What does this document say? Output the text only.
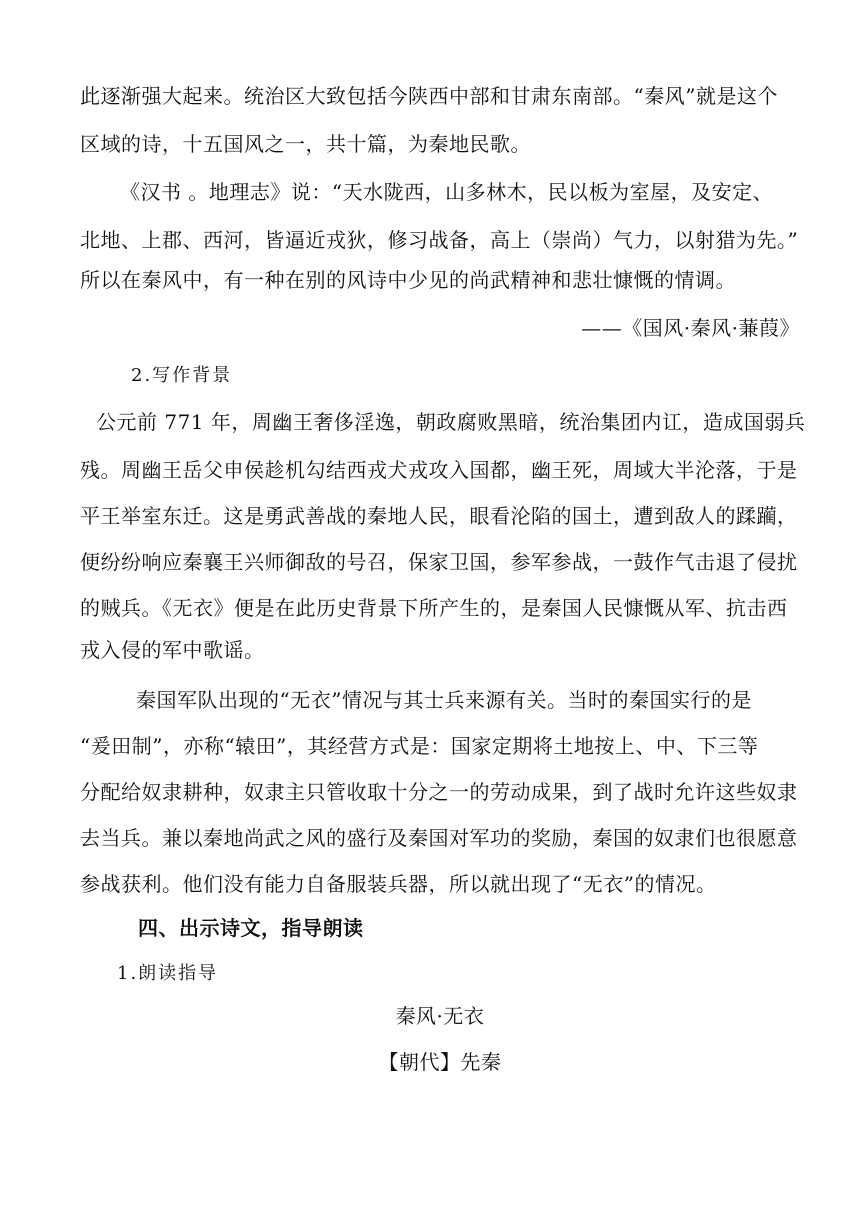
此逐渐强大起来。统治区大致包括今陕西中部和甘肃东南部。“秦风”就是这个
区域的诗，十五国风之一，共十篇，为秦地民歌。
《汉书 。地理志》说：“天水陇西，山多林木，民以板为室屋，及安定、
北地、上郡、西河，皆逼近戎狄，修习战备，高上（崇尚）气力，以射猎为先。”
所以在秦风中，有一种在别的风诗中少见的尚武精神和悲壮慷慨的情调。
——《国风·秦风·蒹葭》
2.写作背景
公元前 771 年，周幽王奢侈淫逸，朝政腐败黑暗，统治集团内讧，造成国弱兵
残。周幽王岳父申侯趁机勾结西戎犬戎攻入国都，幽王死，周域大半沦落，于是
平王举室东迁。这是勇武善战的秦地人民，眼看沦陷的国土，遭到敌人的蹂躏，
便纷纷响应秦襄王兴师御敌的号召，保家卫国，参军参战，一鼓作气击退了侵扰
的贼兵。《无衣》便是在此历史背景下所产生的，是秦国人民慷慨从军、抗击西
戎入侵的军中歌谣。
秦国军队出现的“无衣”情况与其士兵来源有关。当时的秦国实行的是
“爰田制”，亦称“辕田”，其经营方式是：国家定期将土地按上、中、下三等
分配给奴隶耕种，奴隶主只管收取十分之一的劳动成果，到了战时允许这些奴隶
去当兵。兼以秦地尚武之风的盛行及秦国对军功的奖励，秦国的奴隶们也很愿意
参战获利。他们没有能力自备服装兵器，所以就出现了“无衣”的情况。
四、出示诗文，指导朗读
1.朗读指导
秦风·无衣
【朝代】先秦
